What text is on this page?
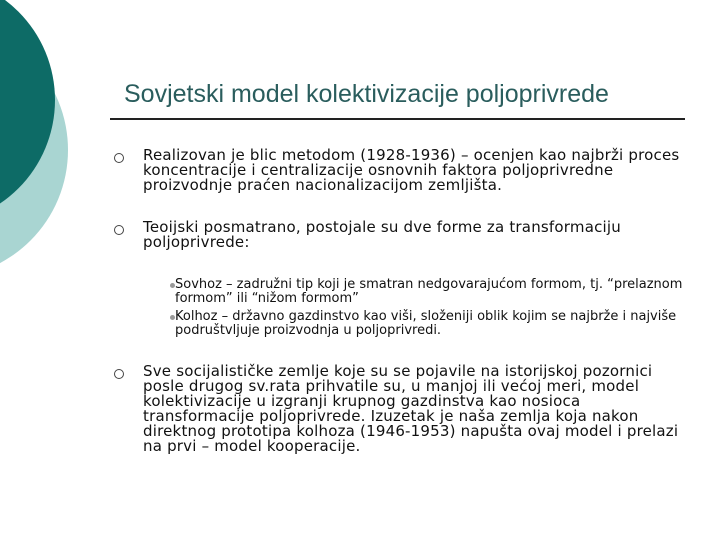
Sovjetski model kolektivizacije poljoprivrede
Realizovan je blic metodom (1928-1936) – ocenjen kao najbrži proces koncentracije i centralizacije osnovnih faktora poljoprivredne proizvodnje praćen nacionalizacijom zemljišta.
Teoijski posmatrano, postojale su dve forme za transformaciju poljoprivrede:
Sovhoz – zadružni tip koji je smatran nedgovarajućom formom, tj. “prelaznom formom” ili “nižom formom”
Kolhoz – državno gazdinstvo kao viši, složeniji oblik kojim se najbrže i najviše podruštvljuje proizvodnja u poljoprivredi.
Sve socijalističke zemlje koje su se pojavile na istorijskoj pozornici posle drugog sv.rata prihvatile su, u manjoj ili većoj meri, model kolektivizacije u izgranji krupnog gazdinstva kao nosioca transformacije poljoprivrede. Izuzetak je naša zemlja koja nakon direktnog prototipa kolhoza (1946-1953) napušta ovaj model i prelazi na prvi – model kooperacije.
